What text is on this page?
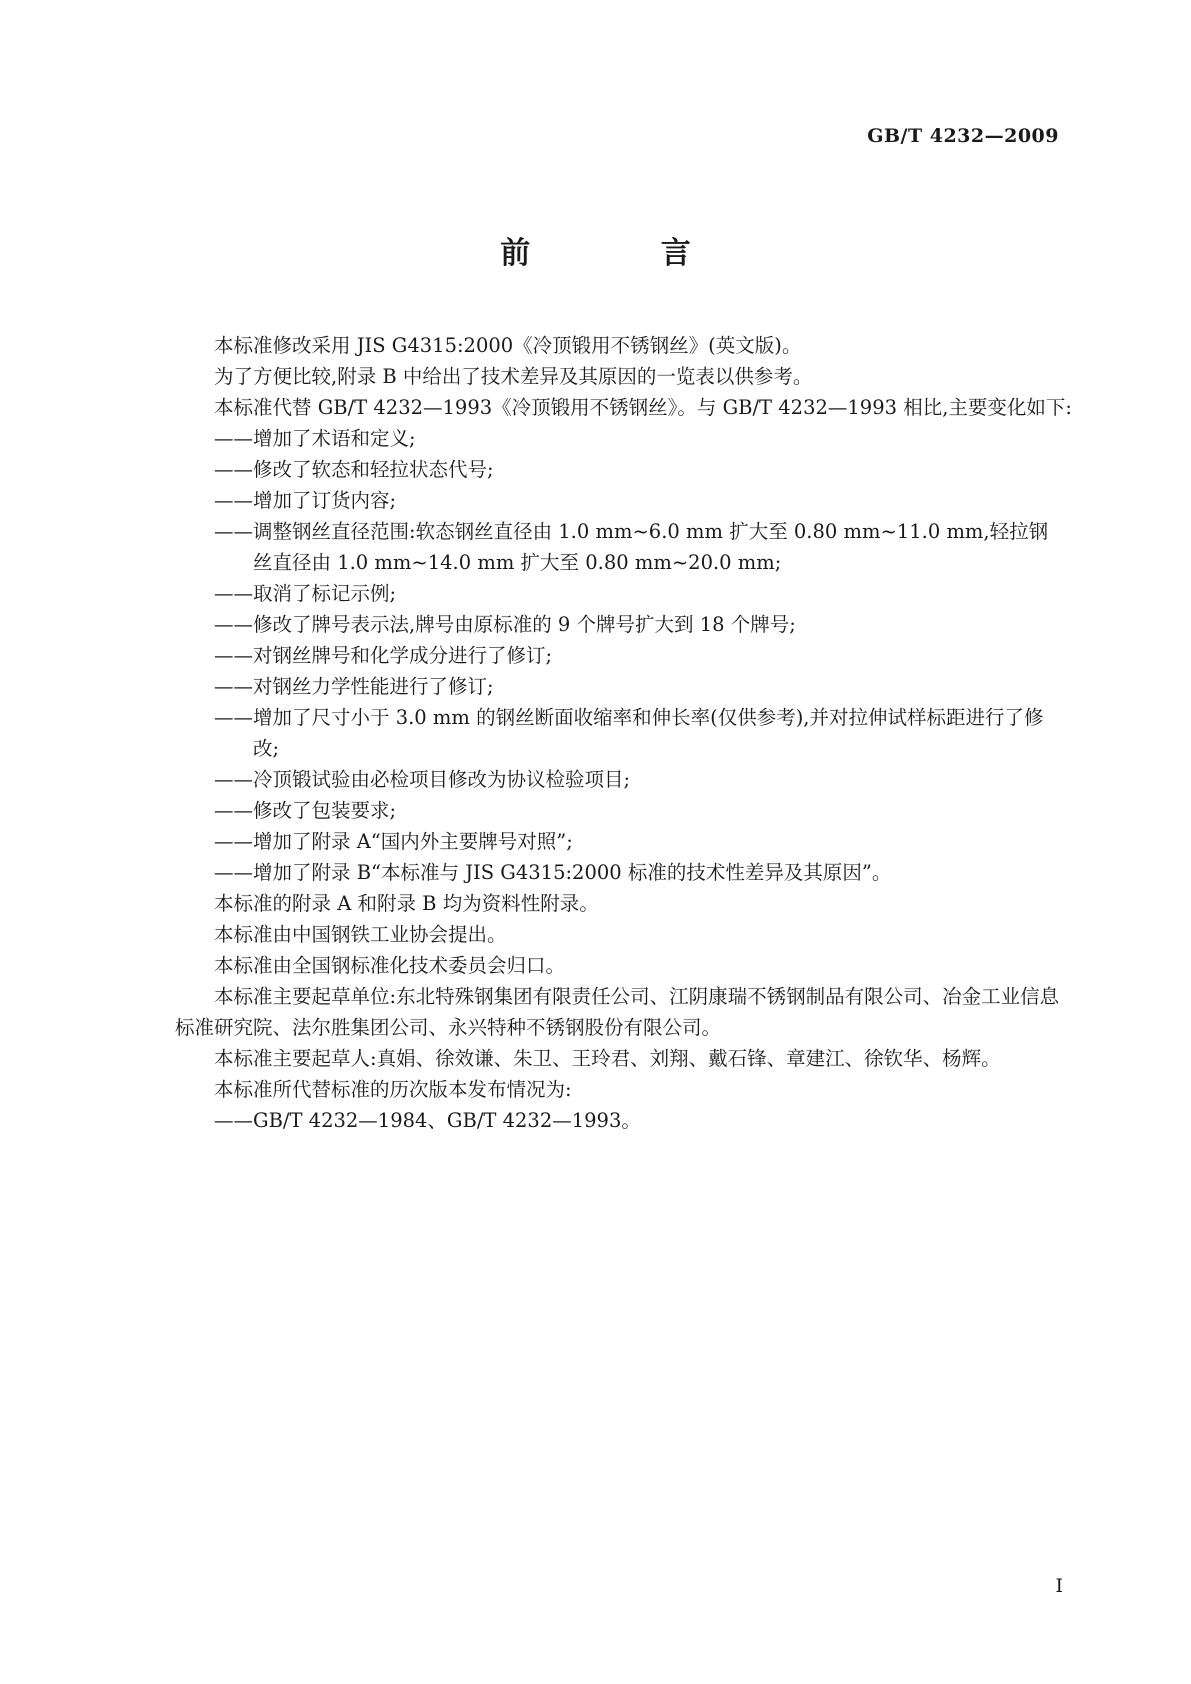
GB/T 4232—2009
前 言

本标准修改采用 JIS G4315:2000《冷顶锻用不锈钢丝》(英文版)。

为了方便比较,附录 B 中给出了技术差异及其原因的一览表以供参考。

本标准代替 GB/T 4232—1993《冷顶锻用不锈钢丝》。与 GB/T 4232—1993 相比,主要变化如下:

——增加了术语和定义;

——修改了软态和轻拉状态代号;

——增加了订货内容;

——调整钢丝直径范围:软态钢丝直径由 1.0 mm~6.0 mm 扩大至 0.80 mm~11.0 mm,轻拉钢丝直径由 1.0 mm~14.0 mm 扩大至 0.80 mm~20.0 mm;

——取消了标记示例;

——修改了牌号表示法,牌号由原标准的 9 个牌号扩大到 18 个牌号;

——对钢丝牌号和化学成分进行了修订;

——对钢丝力学性能进行了修订;

——增加了尺寸小于 3.0 mm 的钢丝断面收缩率和伸长率(仅供参考),并对拉伸试样标距进行了修改;

——冷顶锻试验由必检项目修改为协议检验项目;

——修改了包装要求;

——增加了附录 A“国内外主要牌号对照”;

——增加了附录 B“本标准与 JIS G4315:2000 标准的技术性差异及其原因”。

本标准的附录 A 和附录 B 均为资料性附录。

本标准由中国钢铁工业协会提出。

本标准由全国钢标准化技术委员会归口。

本标准主要起草单位:东北特殊钢集团有限责任公司、江阴康瑞不锈钢制品有限公司、冶金工业信息标准研究院、法尔胜集团公司、永兴特种不锈钢股份有限公司。

本标准主要起草人:真娟、徐效谦、朱卫、王玲君、刘翔、戴石锋、章建江、徐钦华、杨辉。

本标准所代替标准的历次版本发布情况为:

——GB/T 4232—1984、GB/T 4232—1993。

I
